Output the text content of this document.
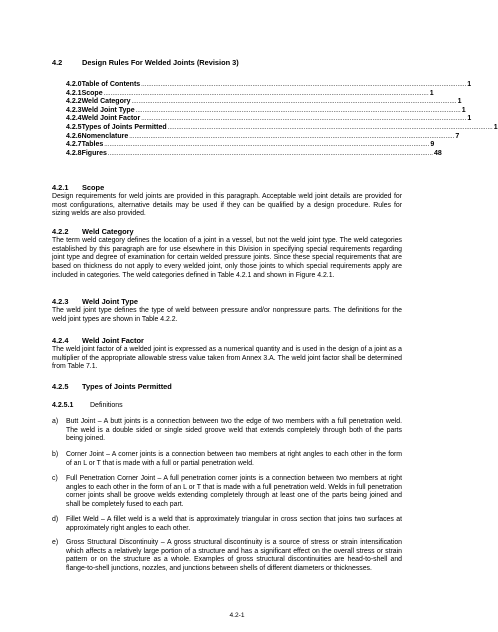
4.2	Design Rules For Welded Joints (Revision 3)
4.2.0 Table of Contents ........................................................................................................................................................................................ 1
4.2.1 Scope ........................................................................................................................................................................................ 1
4.2.2 Weld Category ........................................................................................................................................................................................ 1
4.2.3 Weld Joint Type ........................................................................................................................................................................................ 1
4.2.4 Weld Joint Factor ........................................................................................................................................................................................ 1
4.2.5 Types of Joints Permitted ........................................................................................................................................................................................ 1
4.2.6 Nomenclature ........................................................................................................................................................................................ 7
4.2.7 Tables ........................................................................................................................................................................................ 9
4.2.8 Figures ........................................................................................................................................................................................ 48
4.2.1 Scope
Design requirements for weld joints are provided in this paragraph. Acceptable weld joint details are provided for most configurations, alternative details may be used if they can be qualified by a design procedure. Rules for sizing welds are also provided.
4.2.2 Weld Category
The term weld category defines the location of a joint in a vessel, but not the weld joint type. The weld categories established by this paragraph are for use elsewhere in this Division in specifying special requirements regarding joint type and degree of examination for certain welded pressure joints. Since these special requirements that are based on thickness do not apply to every welded joint, only those joints to which special requirements apply are included in categories. The weld categories defined in Table 4.2.1 and shown in Figure 4.2.1.
4.2.3 Weld Joint Type
The weld joint type defines the type of weld between pressure and/or nonpressure parts. The definitions for the weld joint types are shown in Table 4.2.2.
4.2.4 Weld Joint Factor
The weld joint factor of a welded joint is expressed as a numerical quantity and is used in the design of a joint as a multiplier of the appropriate allowable stress value taken from Annex 3.A. The weld joint factor shall be determined from Table 7.1.
4.2.5 Types of Joints Permitted
4.2.5.1 Definitions
a) Butt Joint – A butt joints is a connection between two the edge of two members with a full penetration weld. The weld is a double sided or single sided groove weld that extends completely through both of the parts being joined.
b) Corner Joint – A corner joints is a connection between two members at right angles to each other in the form of an L or T that is made with a full or partial penetration weld.
c) Full Penetration Corner Joint – A full penetration corner joints is a connection between two members at right angles to each other in the form of an L or T that is made with a full penetration weld. Welds in full penetration corner joints shall be groove welds extending completely through at least one of the parts being joined and shall be completely fused to each part.
d) Fillet Weld – A fillet weld is a weld that is approximately triangular in cross section that joins two surfaces at approximately right angles to each other.
e) Gross Structural Discontinuity – A gross structural discontinuity is a source of stress or strain intensification which affects a relatively large portion of a structure and has a significant effect on the overall stress or strain pattern or on the structure as a whole. Examples of gross structural discontinuities are head-to-shell and flange-to-shell junctions, nozzles, and junctions between shells of different diameters or thicknesses.
4.2-1
